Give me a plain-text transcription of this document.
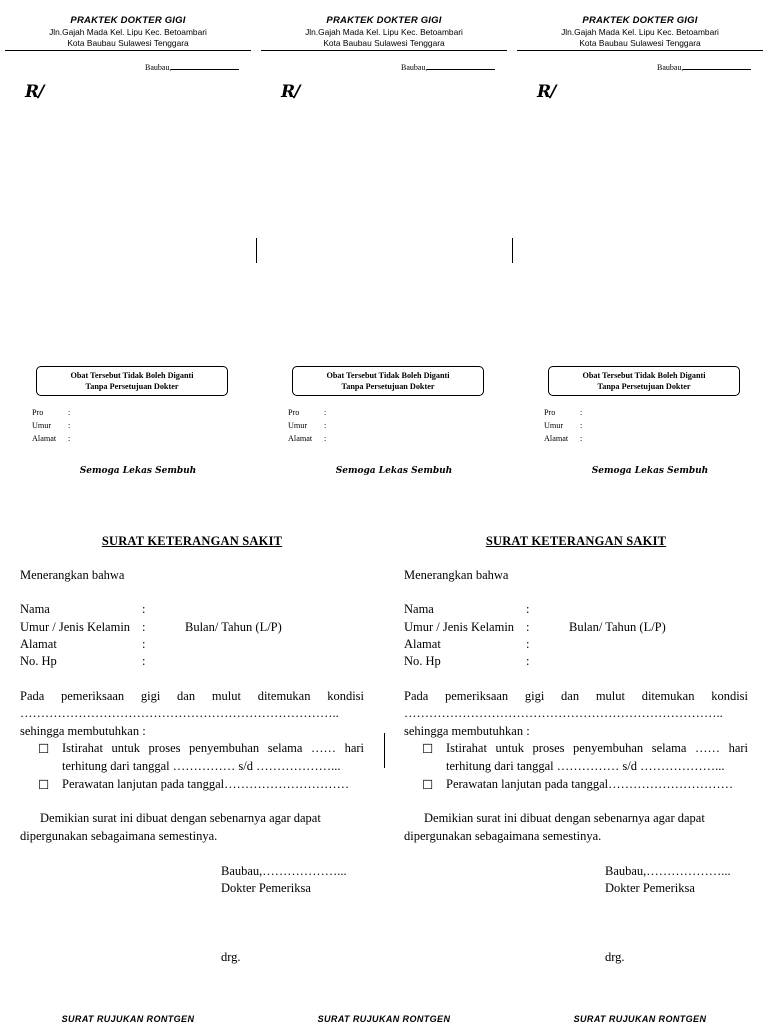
PRAKTEK DOKTER GIGI
Jln.Gajah Mada Kel. Lipu Kec. Betoambari
Kota Baubau Sulawesi Tenggara
Baubau,
R/
Obat Tersebut Tidak Boleh Diganti
Tanpa Persetujuan Dokter
Pro	:
Umur :
Alamat :
Semoga Lekas Sembuh
PRAKTEK DOKTER GIGI
Jln.Gajah Mada Kel. Lipu Kec. Betoambari
Kota Baubau Sulawesi Tenggara
Baubau,
R/
Obat Tersebut Tidak Boleh Diganti
Tanpa Persetujuan Dokter
Pro	:
Umur :
Alamat :
Semoga Lekas Sembuh
PRAKTEK DOKTER GIGI
Jln.Gajah Mada Kel. Lipu Kec. Betoambari
Kota Baubau Sulawesi Tenggara
Baubau,
R/
Obat Tersebut Tidak Boleh Diganti
Tanpa Persetujuan Dokter
Pro	:
Umur :
Alamat :
Semoga Lekas Sembuh
SURAT KETERANGAN SAKIT
Menerangkan bahwa
Nama	:
Umur / Jenis Kelamin :	Bulan/ Tahun (L/P)
Alamat	:
No. Hp	:
Pada pemeriksaan gigi dan mulut ditemukan kondisi
…………………………………………………………………..
sehingga membutuhkan :
☐ Istirahat untuk proses penyembuhan selama …… hari
terhitung dari tanggal …………… s/d ………………...
☐ Perawatan lanjutan pada tanggal…………………………
Demikian surat ini dibuat dengan sebenarnya agar dapat
dipergunakan sebagaimana semestinya.
Baubau,………………...
Dokter Pemeriksa
drg.
SURAT KETERANGAN SAKIT
Menerangkan bahwa
Nama	:
Umur / Jenis Kelamin :	Bulan/ Tahun (L/P)
Alamat	:
No. Hp	:
Pada pemeriksaan gigi dan mulut ditemukan kondisi
…………………………………………………………………..
sehingga membutuhkan :
☐ Istirahat untuk proses penyembuhan selama …… hari
terhitung dari tanggal …………… s/d ………………...
☐ Perawatan lanjutan pada tanggal…………………………
Demikian surat ini dibuat dengan sebenarnya agar dapat
dipergunakan sebagaimana semestinya.
Baubau,………………...
Dokter Pemeriksa
drg.
SURAT RUJUKAN RONTGEN	SURAT RUJUKAN RONTGEN	SURAT RUJUKAN RONTGEN
